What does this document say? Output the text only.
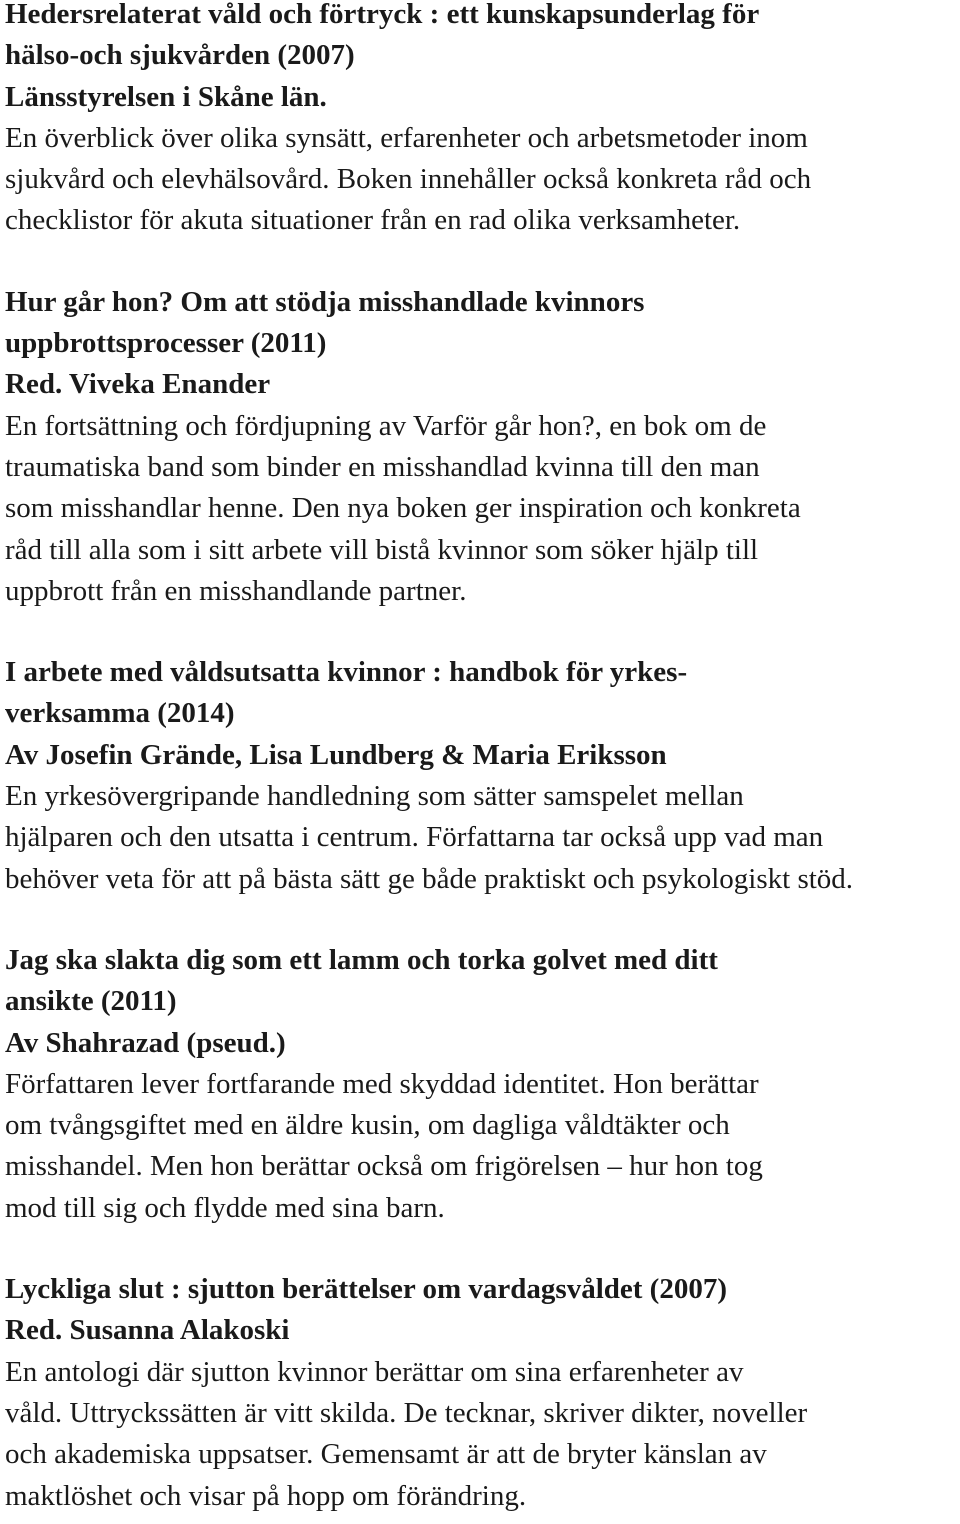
Hedersrelaterat våld och förtryck : ett kunskapsunderlag för
hälso-och sjukvården (2007)
Länsstyrelsen i Skåne län.
En överblick över olika synsätt, erfarenheter och arbetsmetoder inom
sjukvård och elevhälsovård. Boken innehåller också konkreta råd och
checklistor för akuta situationer från en rad olika verksamheter.
Hur går hon? Om att stödja misshandlade kvinnors
uppbrottsprocesser (2011)
Red. Viveka Enander
En fortsättning och fördjupning av Varför går hon?, en bok om de
traumatiska band som binder en misshandlad kvinna till den man
som misshandlar henne. Den nya boken ger inspiration och konkreta
råd till alla som i sitt arbete vill bistå kvinnor som söker hjälp till
uppbrott från en misshandlande partner.
I arbete med våldsutsatta kvinnor : handbok för yrkes-
verksamma (2014)
Av Josefin Grände, Lisa Lundberg & Maria Eriksson
En yrkesövergripande handledning som sätter samspelet mellan
hjälparen och den utsatta i centrum. Författarna tar också upp vad man
behöver veta för att på bästa sätt ge både praktiskt och psykologiskt stöd.
Jag ska slakta dig som ett lamm och torka golvet med ditt
ansikte (2011)
Av Shahrazad (pseud.)
Författaren lever fortfarande med skyddad identitet. Hon berättar
om tvångsgiftet med en äldre kusin, om dagliga våldtäkter och
misshandel. Men hon berättar också om frigörelsen – hur hon tog
mod till sig och flydde med sina barn.
Lyckliga slut : sjutton berättelser om vardagsvåldet (2007)
Red. Susanna Alakoski
En antologi där sjutton kvinnor berättar om sina erfarenheter av
våld. Uttryckssätten är vitt skilda. De tecknar, skriver dikter, noveller
och akademiska uppsatser. Gemensamt är att de bryter känslan av
maktlöshet och visar på hopp om förändring.
